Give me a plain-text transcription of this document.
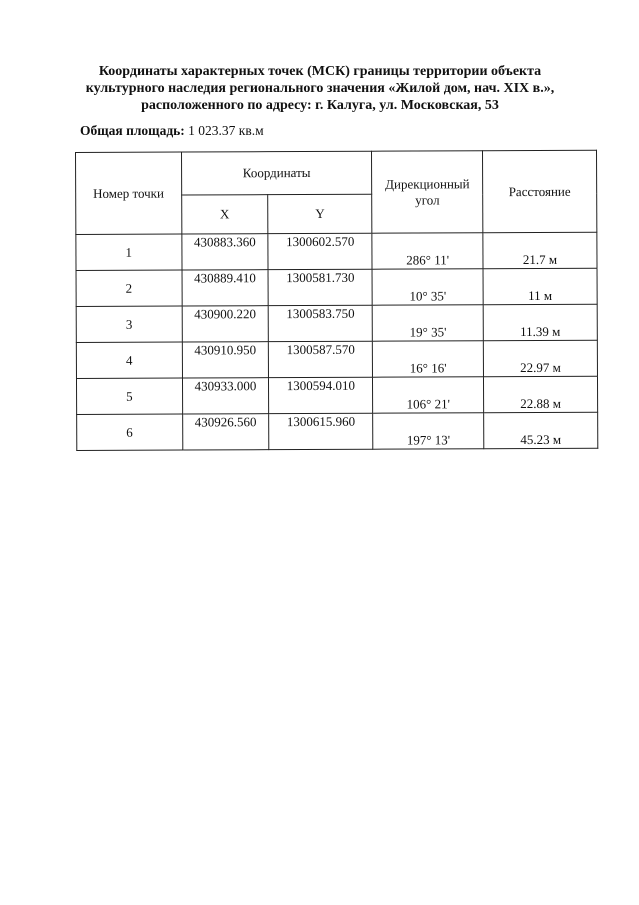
Координаты характерных точек (МСК) границы территории объекта
культурного наследия регионального значения «Жилой дом, нач. XIX в.»,
расположенного по адресу: г. Калуга, ул. Московская, 53
Общая площадь: 1 023.37 кв.м
Номер точки	Координаты		Дирекционный угол	Расстояние
	X	Y		
1	430883.360	1300602.570	286° 11'	21.7 м
2	430889.410	1300581.730	10° 35'	11 м
3	430900.220	1300583.750	19° 35'	11.39 м
4	430910.950	1300587.570	16° 16'	22.97 м
5	430933.000	1300594.010	106° 21'	22.88 м
6	430926.560	1300615.960	197° 13'	45.23 м
